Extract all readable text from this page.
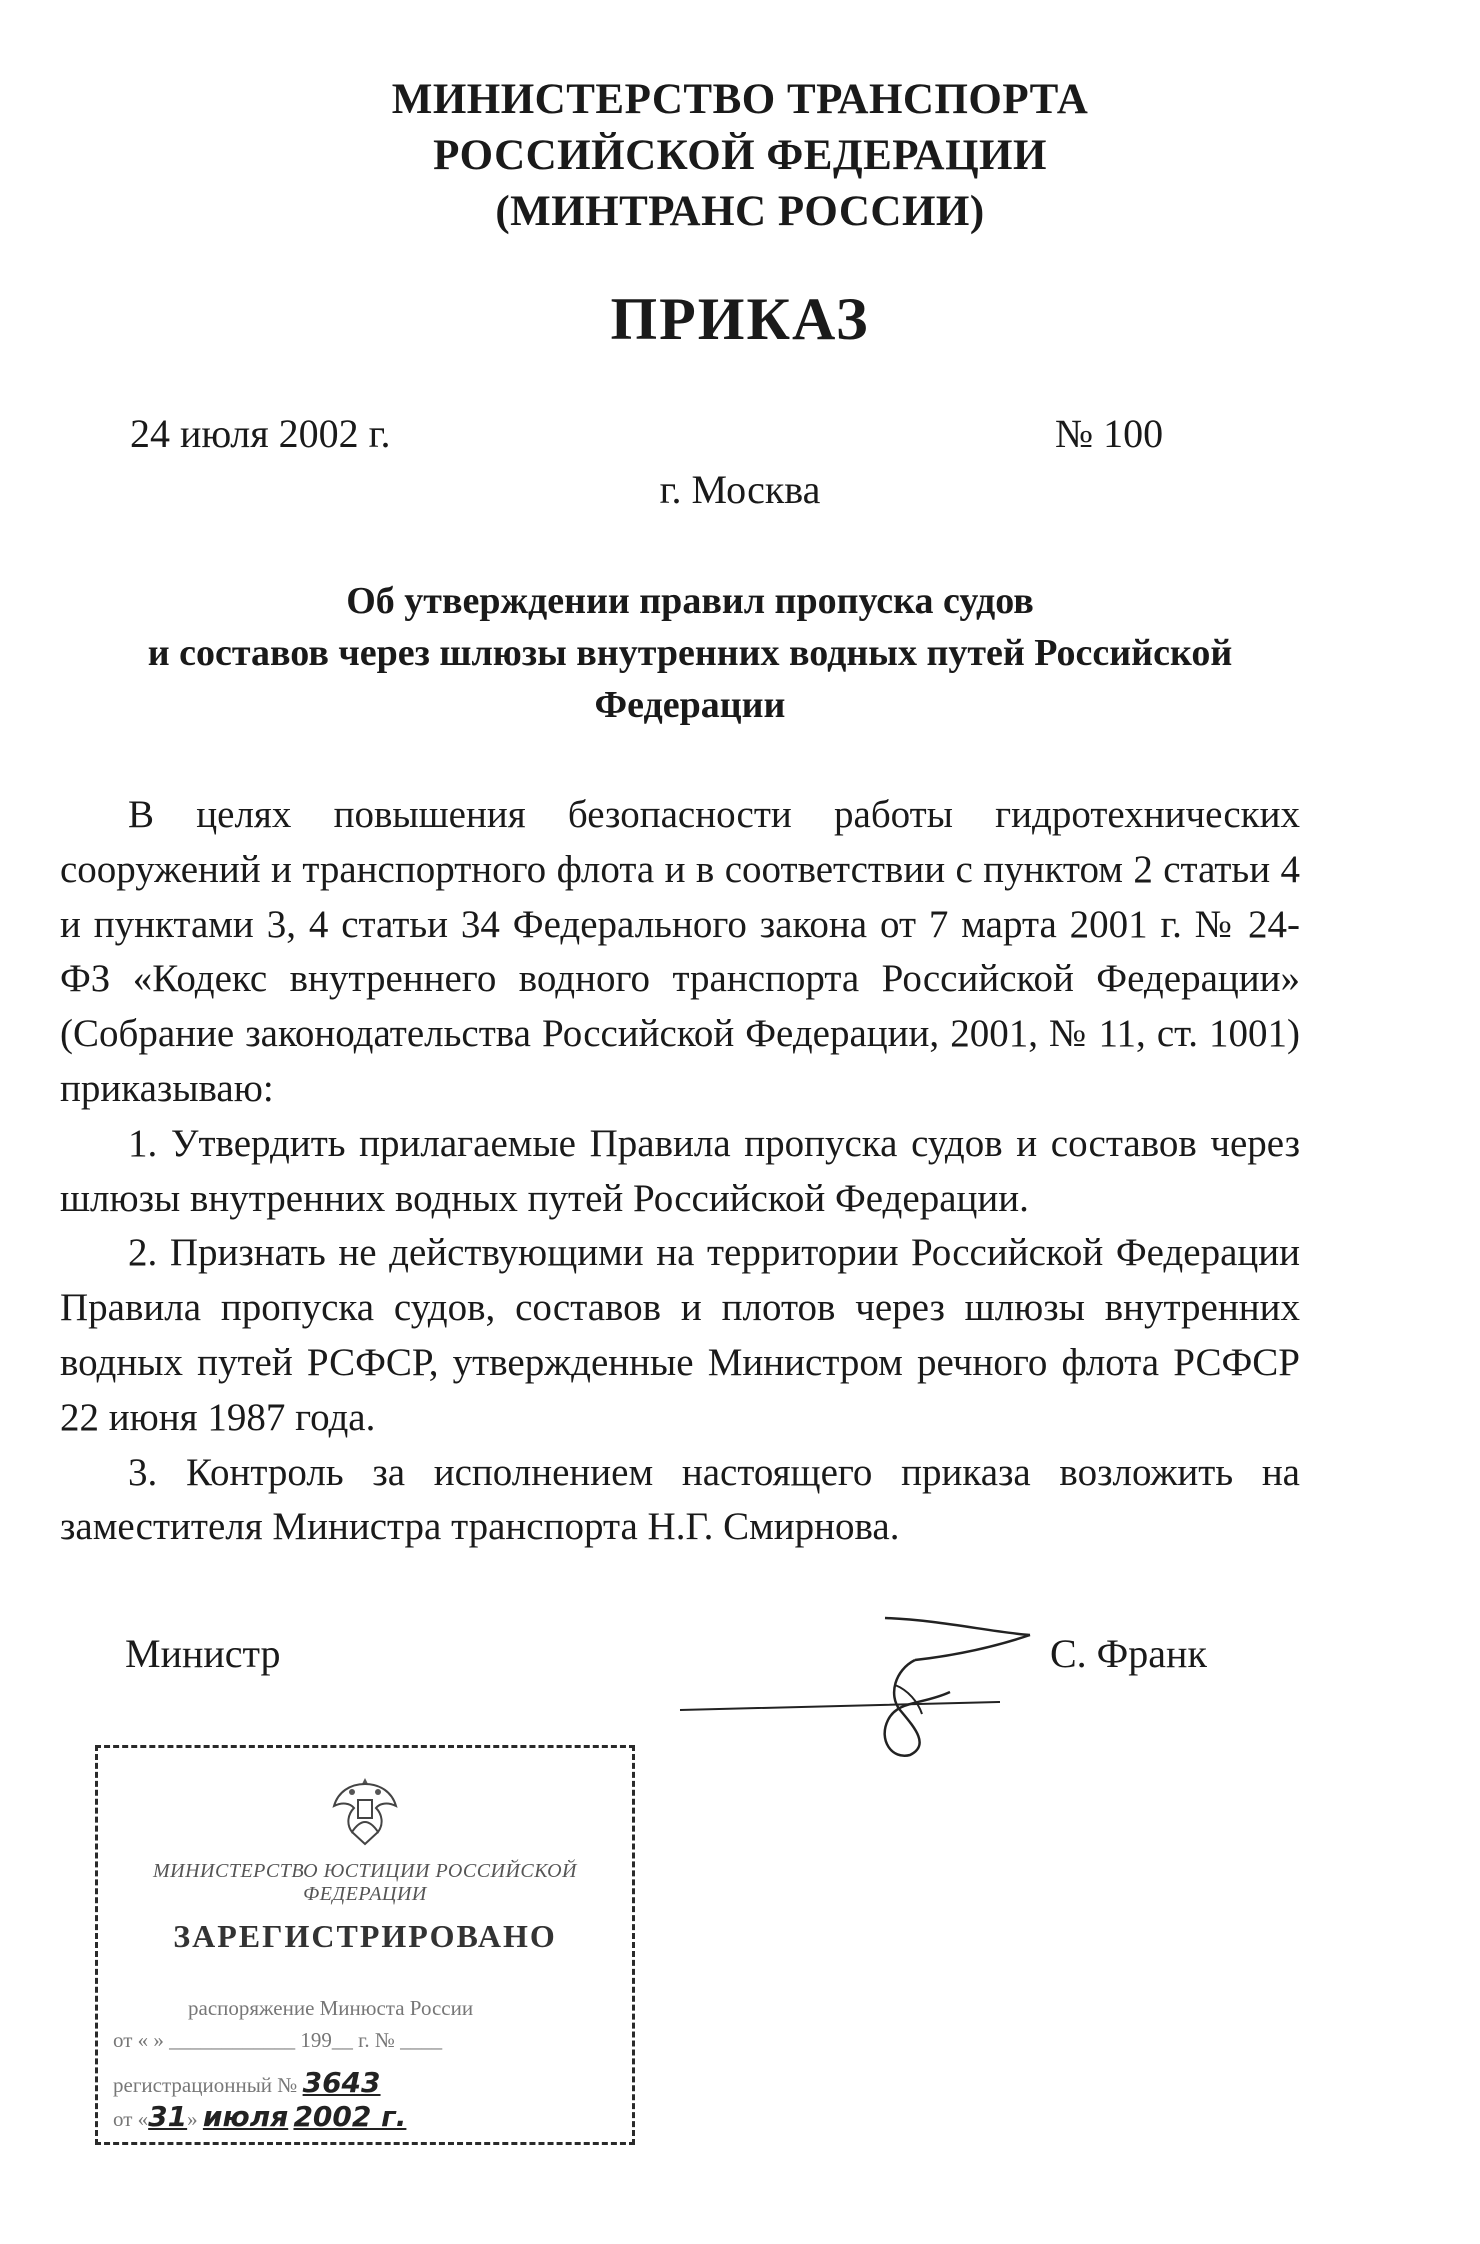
МИНИСТЕРСТВО ТРАНСПОРТА
РОССИЙСКОЙ ФЕДЕРАЦИИ
(МИНТРАНС РОССИИ)
ПРИКАЗ
24 июля 2002 г.	№ 100
г. Москва
Об утверждении правил пропуска судов
и составов через шлюзы внутренних водных путей Российской
Федерации

В целях повышения безопасности работы гидротехнических сооружений и транспортного флота и в соответствии с пунктом 2 статьи 4 и пунктами 3, 4 статьи 34 Федерального закона от 7 марта 2001 г. № 24-ФЗ «Кодекс внутреннего водного транспорта Российской Федерации» (Собрание законодательства Российской Федерации, 2001, № 11, ст. 1001) приказываю:

1. Утвердить прилагаемые Правила пропуска судов и составов через шлюзы внутренних водных путей Российской Федерации.

2. Признать не действующими на территории Российской Федерации Правила пропуска судов, составов и плотов через шлюзы внутренних водных путей РСФСР, утвержденные Министром речного флота РСФСР 22 июня 1987 года.

3. Контроль за исполнением настоящего приказа возложить на заместителя Министра транспорта Н.Г. Смирнова.

Министр	С. Франк
МИНИСТЕРСТВО ЮСТИЦИИ РОССИЙСКОЙ ФЕДЕРАЦИИ
ЗАРЕГИСТРИРОВАНО
распоряжение Минюста России
от « » ____________ 199__ г. № ____
регистрационный № 3643
от «31» июля 2002 г.
